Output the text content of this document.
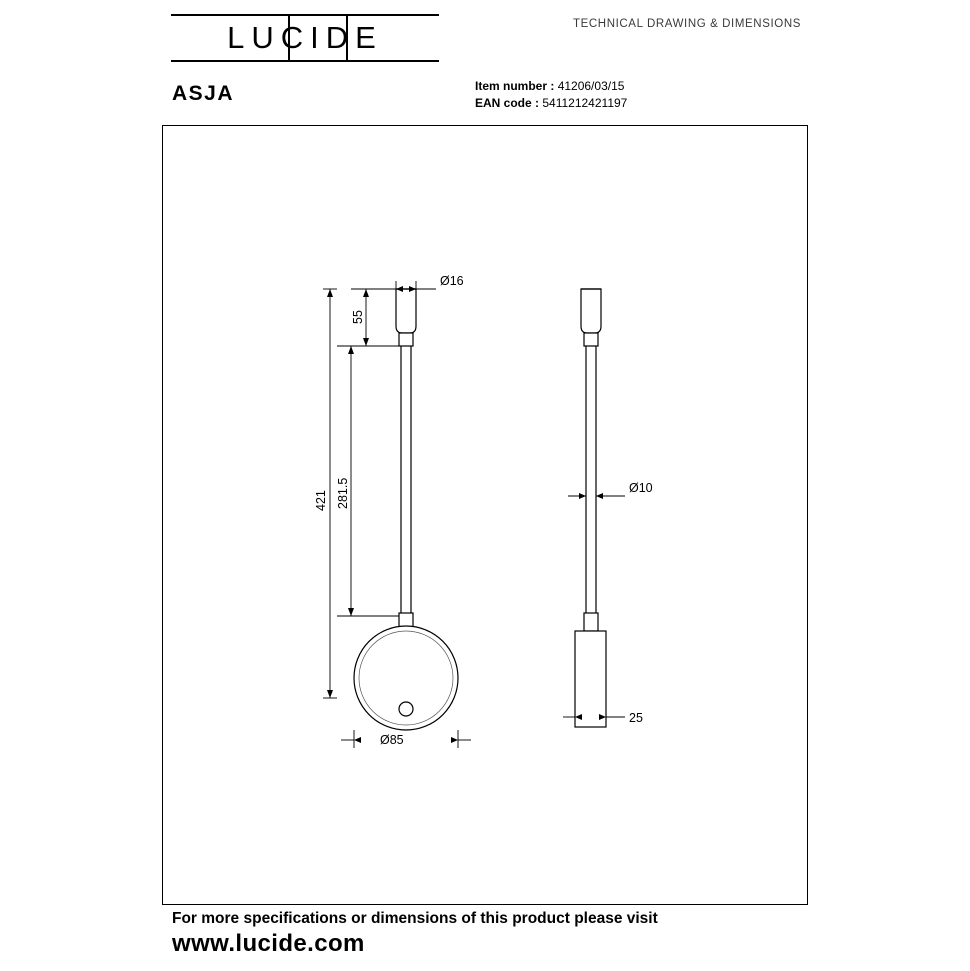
LUCIDE	TECHNICAL DRAWING & DIMENSIONS
ASJA	Item number : 41206/03/15
EAN code : 5411212421197
Ø16
55
281.5
421
Ø85
Ø10
25
For more specifications or dimensions of this product please visit
www.lucide.com
